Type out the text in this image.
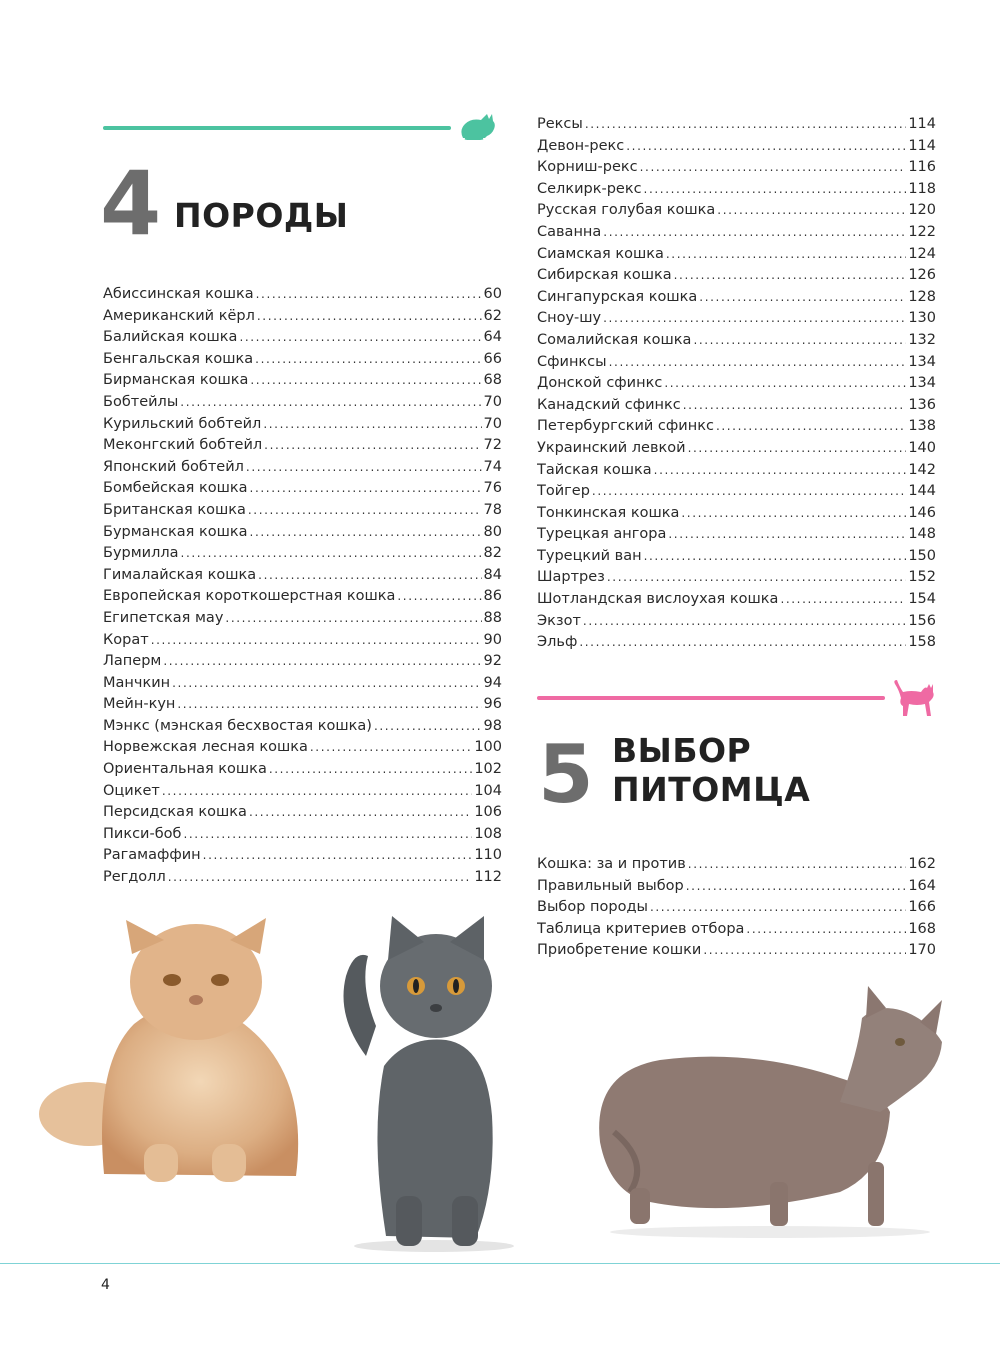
4 ПОРОДЫ
Абиссинская кошка .....	60
Американский кёрл .....	62
Балийская кошка .....	64
Бенгальская кошка .....	66
Бирманская кошка .....	68
Бобтейлы .....	70
Курильский бобтейл .....	70
Меконгский бобтейл .....	72
Японский бобтейл .....	74
Бомбейская кошка .....	76
Британская кошка .....	78
Бурманская кошка .....	80
Бурмилла .....	82
Гималайская кошка .....	84
Европейская короткошерстная кошка .....	86
Египетская мау .....	88
Корат .....	90
Лаперм .....	92
Манчкин .....	94
Мейн-кун .....	96
Мэнкс (мэнская бесхвостая кошка) .....	98
Норвежская лесная кошка .....	100
Ориентальная кошка .....	102
Оцикет .....	104
Персидская кошка .....	106
Пикси-боб .....	108
Рагамаффин .....	110
Регдолл .....	112
Рексы .....	114
Девон-рекс .....	114
Корниш-рекс .....	116
Селкирк-рекс .....	118
Русская голубая кошка .....	120
Саванна .....	122
Сиамская кошка .....	124
Сибирская кошка .....	126
Сингапурская кошка .....	128
Сноу-шу .....	130
Сомалийская кошка .....	132
Сфинксы .....	134
Донской сфинкс .....	134
Канадский сфинкс .....	136
Петербургский сфинкс .....	138
Украинский левкой .....	140
Тайская кошка .....	142
Тойгер .....	144
Тонкинская кошка .....	146
Турецкая ангора .....	148
Турецкий ван .....	150
Шартрез .....	152
Шотландская вислоухая кошка .....	154
Экзот .....	156
Эльф .....	158
5 ВЫБОР
ПИТОМЦА
Кошка: за и против .....	162
Правильный выбор .....	164
Выбор породы .....	166
Таблица критериев отбора .....	168
Приобретение кошки .....	170
4
